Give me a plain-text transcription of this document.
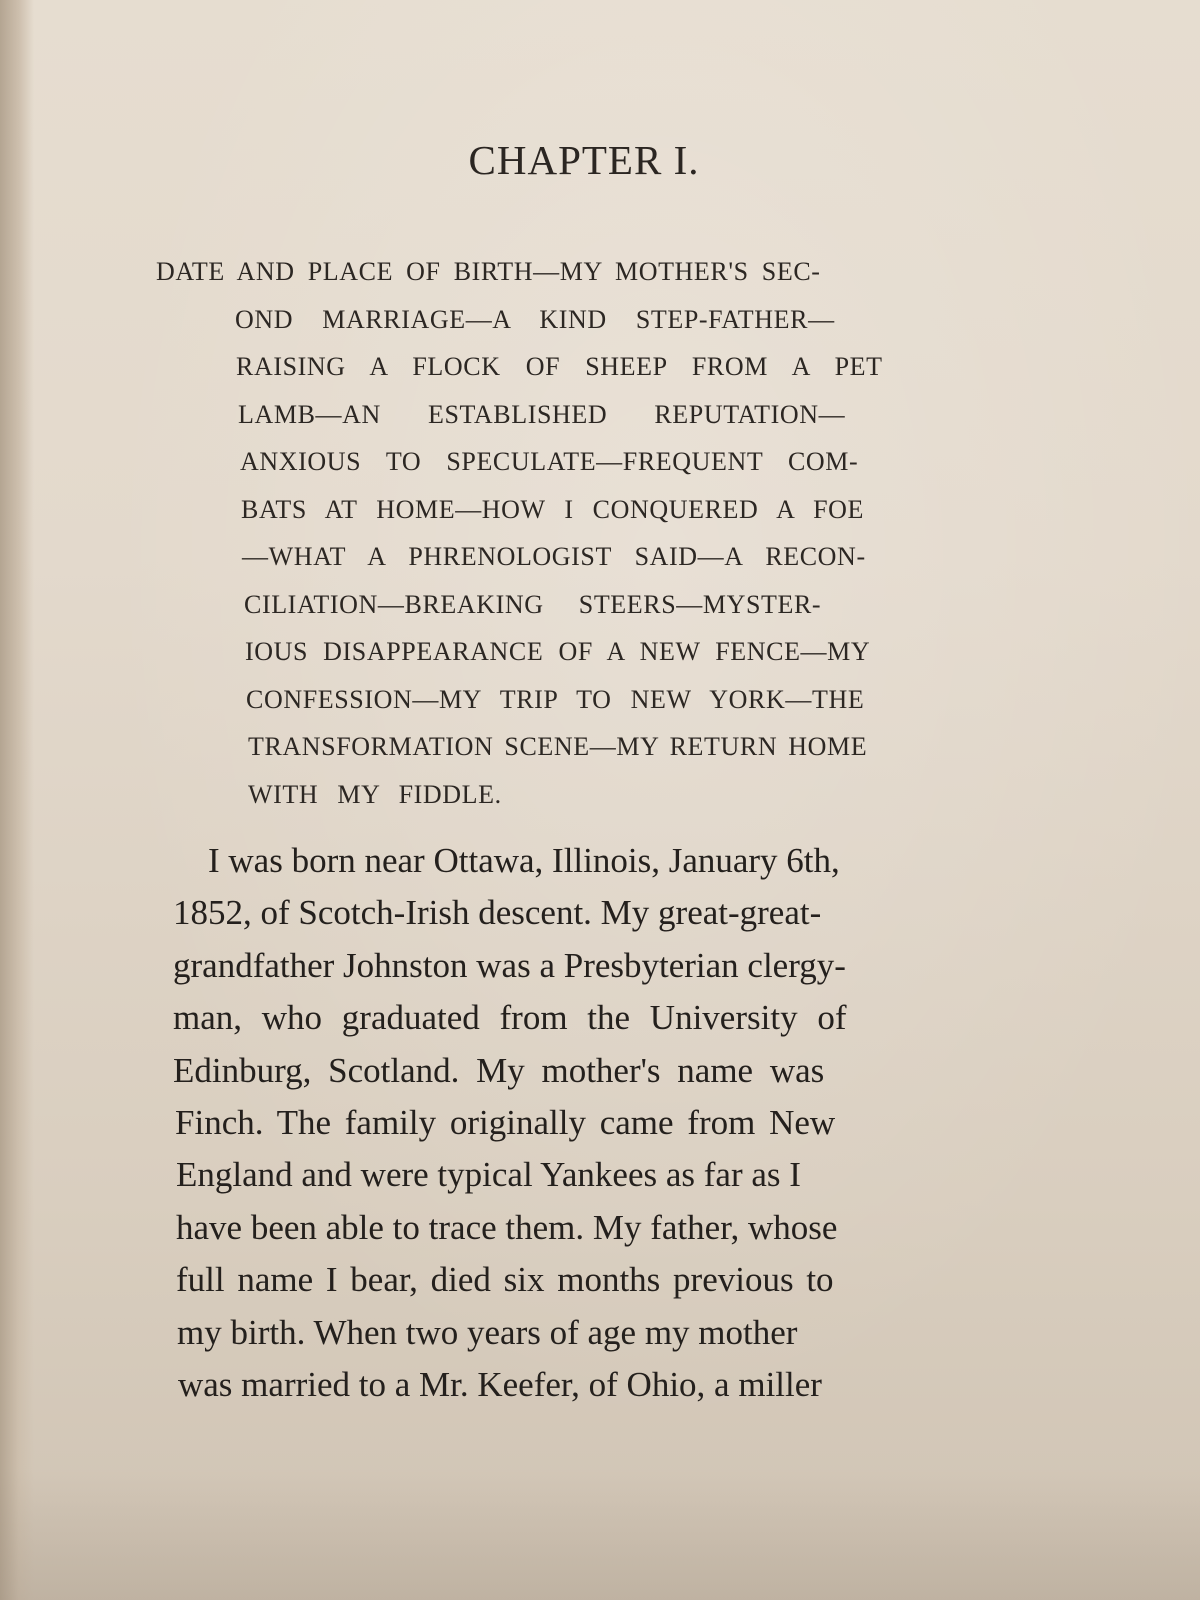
CHAPTER I.
DATE AND PLACE OF BIRTH—MY MOTHER'S SEC-
OND MARRIAGE—A KIND STEP-FATHER—
RAISING A FLOCK OF SHEEP FROM A PET
LAMB—AN ESTABLISHED REPUTATION—
ANXIOUS TO SPECULATE—FREQUENT COM-
BATS AT HOME—HOW I CONQUERED A FOE
—WHAT A PHRENOLOGIST SAID—A RECON-
CILIATION—BREAKING STEERS—MYSTER-
IOUS DISAPPEARANCE OF A NEW FENCE—MY
CONFESSION—MY TRIP TO NEW YORK—THE
TRANSFORMATION SCENE—MY RETURN HOME
WITH MY FIDDLE.
I was born near Ottawa, Illinois, January 6th,
1852, of Scotch-Irish descent. My great-great-
grandfather Johnston was a Presbyterian clergy-
man, who graduated from the University of
Edinburg, Scotland. My mother's name was
Finch. The family originally came from New
England and were typical Yankees as far as I
have been able to trace them. My father, whose
full name I bear, died six months previous to
my birth. When two years of age my mother
was married to a Mr. Keefer, of Ohio, a miller
